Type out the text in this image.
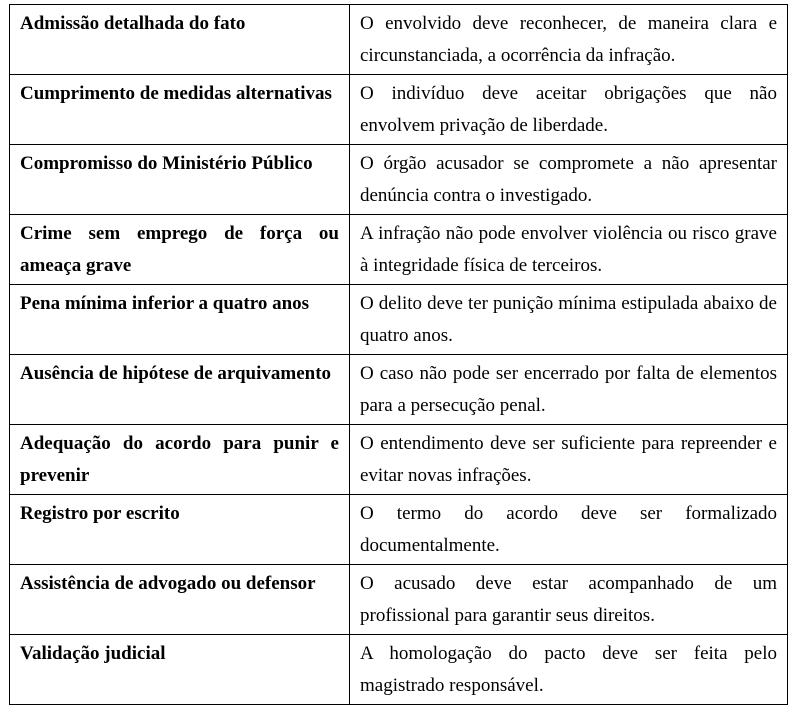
Admissão detalhada do fato	O envolvido deve reconhecer, de maneira clara e circunstanciada, a ocorrência da infração.
Cumprimento de medidas alternativas	O indivíduo deve aceitar obrigações que não envolvem privação de liberdade.
Compromisso do Ministério Público	O órgão acusador se compromete a não apresentar denúncia contra o investigado.
Crime sem emprego de força ou ameaça grave	A infração não pode envolver violência ou risco grave à integridade física de terceiros.
Pena mínima inferior a quatro anos	O delito deve ter punição mínima estipulada abaixo de quatro anos.
Ausência de hipótese de arquivamento	O caso não pode ser encerrado por falta de elementos para a persecução penal.
Adequação do acordo para punir e prevenir	O entendimento deve ser suficiente para repreender e evitar novas infrações.
Registro por escrito	O termo do acordo deve ser formalizado documentalmente.
Assistência de advogado ou defensor	O acusado deve estar acompanhado de um profissional para garantir seus direitos.
Validação judicial	A homologação do pacto deve ser feita pelo magistrado responsável.
